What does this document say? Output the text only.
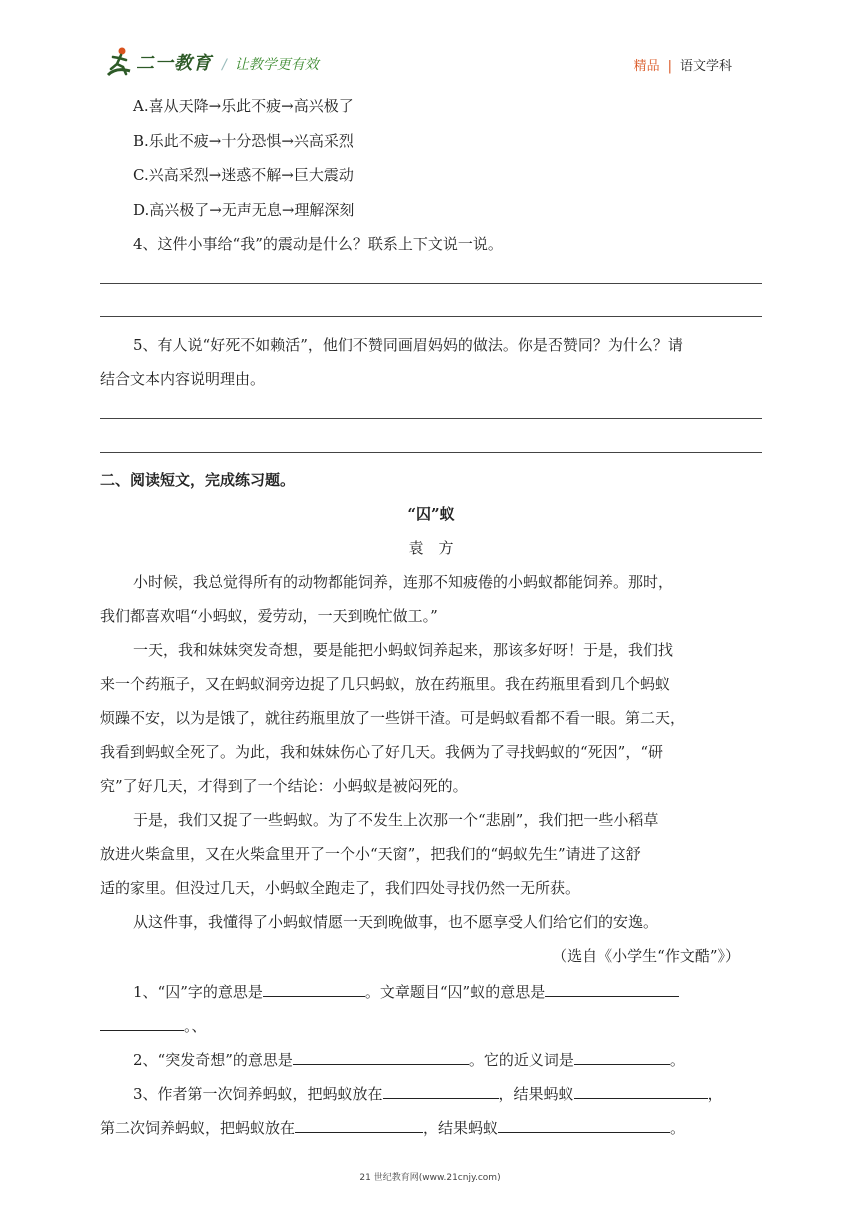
二一教育 / 让教学更有效	精品 | 语文学科
A.喜从天降→乐此不疲→高兴极了
B.乐此不疲→十分恐惧→兴高采烈
C.兴高采烈→迷惑不解→巨大震动
D.高兴极了→无声无息→理解深刻
4、这件小事给“我”的震动是什么？联系上下文说一说。
5、有人说“好死不如赖活”，他们不赞同画眉妈妈的做法。你是否赞同？为什么？请
结合文本内容说明理由。
二、阅读短文，完成练习题。
“囚”蚁
袁　方
小时候，我总觉得所有的动物都能饲养，连那不知疲倦的小蚂蚁都能饲养。那时，
我们都喜欢唱“小蚂蚁，爱劳动，一天到晚忙做工。”
一天，我和妹妹突发奇想，要是能把小蚂蚁饲养起来，那该多好呀！于是，我们找
来一个药瓶子，又在蚂蚁洞旁边捉了几只蚂蚁，放在药瓶里。我在药瓶里看到几个蚂蚁
烦躁不安，以为是饿了，就往药瓶里放了一些饼干渣。可是蚂蚁看都不看一眼。第二天，
我看到蚂蚁全死了。为此，我和妹妹伤心了好几天。我俩为了寻找蚂蚁的“死因”，“研
究”了好几天，才得到了一个结论：小蚂蚁是被闷死的。
于是，我们又捉了一些蚂蚁。为了不发生上次那一个“悲剧”，我们把一些小稻草
放进火柴盒里，又在火柴盒里开了一个小“天窗”，把我们的“蚂蚁先生”请进了这舒
适的家里。但没过几天，小蚂蚁全跑走了，我们四处寻找仍然一无所获。
从这件事，我懂得了小蚂蚁情愿一天到晚做事，也不愿享受人们给它们的安逸。
（选自《小学生“作文酷”》）
1、“囚”字的意思是	。文章题目“囚”蚁的意思是
。、
2、“突发奇想”的意思是	。它的近义词是	。
3、作者第一次饲养蚂蚁，把蚂蚁放在	，结果蚂蚁	，
第二次饲养蚂蚁，把蚂蚁放在	，结果蚂蚁	。
21 世纪教育网(www.21cnjy.com)
